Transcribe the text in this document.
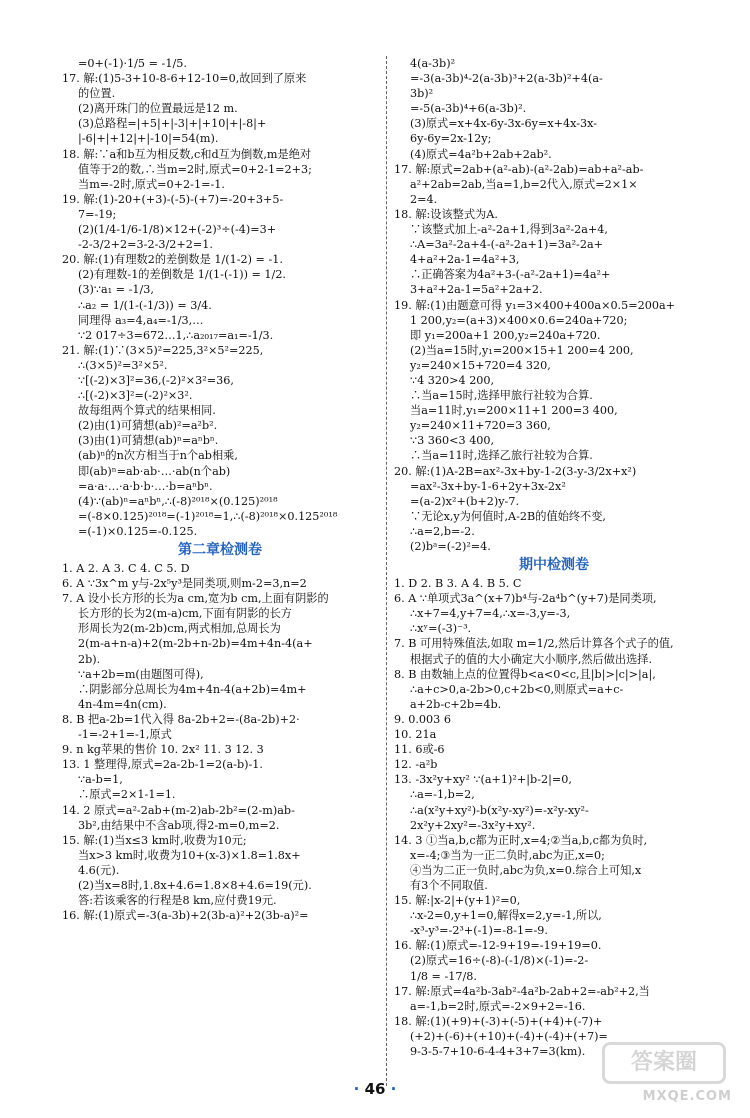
=0+(-1)·1/5 = -1/5.
17. 解:(1)5-3+10-8-6+12-10=0,故回到了原来
的位置.
(2)离开珠门的位置最远是12 m.
(3)总路程=|+5|+|-3|+|+10|+|-8|+
|-6|+|+12|+|-10|=54(m).
18. 解:∵a和b互为相反数,c和d互为倒数,m是绝对
值等于2的数,∴当m=2时,原式=0+2-1=2+3;
当m=-2时,原式=0+2-1=-1.
19. 解:(1)-20+(+3)-(-5)-(+7)=-20+3+5-
7=-19;
(2)(1/4-1/6-1/8)×12+(-2)³÷(-4)=3+
-2-3/2+2=3-2-3/2+2=1.
20. 解:(1)有理数2的差倒数是 1/(1-2) = -1.
(2)有理数-1的差倒数是 1/(1-(-1)) = 1/2.
(3)∵a₁ = -1/3,
∴a₂ = 1/(1-(-1/3)) = 3/4.
同理得 a₃=4,a₄=-1/3,…
∵2 017÷3=672…1,∴a₂₀₁₇=a₁=-1/3.
21. 解:(1)∵(3×5)²=225,3²×5²=225,
∴(3×5)²=3²×5².
∵[(-2)×3]²=36,(-2)²×3²=36,
∴[(-2)×3]²=(-2)²×3².
故每组两个算式的结果相同.
(2)由(1)可猜想(ab)²=a²b².
(3)由(1)可猜想(ab)ⁿ=aⁿbⁿ.
(ab)ⁿ的n次方相当于n个ab相乘,
即(ab)ⁿ=ab·ab·…·ab(n个ab)
=a·a·…·a·b·b·…·b=aⁿbⁿ.
(4)∵(ab)ⁿ=aⁿbⁿ,∴(-8)²⁰¹⁸×(0.125)²⁰¹⁸
=(-8×0.125)²⁰¹⁸=(-1)²⁰¹⁸=1,∴(-8)²⁰¹⁸×0.125²⁰¹⁸
=(-1)×0.125=-0.125.
第二章检测卷
1. A 2. A 3. C 4. C 5. D
6. A ∵3x^m y与-2x⁵y³是同类项,则m-2=3,n=2
7. A 设小长方形的长为a cm,宽为b cm,上面有阴影的
长方形的长为2(m-a)cm,下面有阴影的长方
形周长为2(m-2b)cm,两式相加,总周长为
2(m-a+n-a)+2(m-2b+n-2b)=4m+4n-4(a+
2b).
∵a+2b=m(由题图可得),
∴阴影部分总周长为4m+4n-4(a+2b)=4m+
4n-4m=4n(cm).
8. B 把a-2b=1代入得 8a-2b+2=-(8a-2b)+2·
-1=-2+1=-1,原式
9. n kg苹果的售价 10. 2x² 11. 3 12. 3
13. 1 整理得,原式=2a-2b-1=2(a-b)-1.
∵a-b=1,
∴原式=2×1-1=1.
14. 2 原式=a²-2ab+(m-2)ab-2b²=(2-m)ab-
3b²,由结果中不含ab项,得2-m=0,m=2.
15. 解:(1)当x≤3 km时,收费为10元;
当x>3 km时,收费为10+(x-3)×1.8=1.8x+
4.6(元).
(2)当x=8时,1.8x+4.6=1.8×8+4.6=19(元).
答:若该乘客的行程是8 km,应付费19元.
16. 解:(1)原式=-3(a-3b)+2(3b-a)²+2(3b-a)²=
4(a-3b)²
=-3(a-3b)⁴-2(a-3b)³+2(a-3b)²+4(a-
3b)²
=-5(a-3b)⁴+6(a-3b)².
(3)原式=x+4x-6y-3x-6y=x+4x-3x-
6y-6y=2x-12y;
(4)原式=4a²b+2ab+2ab².
17. 解:原式=2ab+(a²-ab)-(a²-2ab)=ab+a²-ab-
a²+2ab=2ab,当a=1,b=2代入,原式=2×1×
2=4.
18. 解:设该整式为A.
∵该整式加上-a²-2a+1,得到3a²-2a+4,
∴A=3a²-2a+4-(-a²-2a+1)=3a²-2a+
4+a²+2a-1=4a²+3,
∴正确答案为4a²+3-(-a²-2a+1)=4a²+
3+a²+2a-1=5a²+2a+2.
19. 解:(1)由题意可得 y₁=3×400+400a×0.5=200a+
1 200,y₂=(a+3)×400×0.6=240a+720;
即 y₁=200a+1 200,y₂=240a+720.
(2)当a=15时,y₁=200×15+1 200=4 200,
y₂=240×15+720=4 320,
∵4 320>4 200,
∴当a=15时,选择甲旅行社较为合算.
当a=11时,y₁=200×11+1 200=3 400,
y₂=240×11+720=3 360,
∵3 360<3 400,
∴当a=11时,选择乙旅行社较为合算.
20. 解:(1)A-2B=ax²-3x+by-1-2(3-y-3/2x+x²)
=ax²-3x+by-1-6+2y+3x-2x²
=(a-2)x²+(b+2)y-7.
∵无论x,y为何值时,A-2B的值始终不变,
∴a=2,b=-2.
(2)bᵃ=(-2)²=4.
期中检测卷
1. D 2. B 3. A 4. B 5. C
6. A ∵单项式3a^(x+7)b⁴与-2a⁴b^(y+7)是同类项,
∴x+7=4,y+7=4,∴x=-3,y=-3,
∴xʸ=(-3)⁻³.
7. B 可用特殊值法,如取 m=1/2,然后计算各个式子的值,
根据式子的值的大小确定大小顺序,然后做出选择.
8. B 由数轴上点的位置得b<a<0<c,且|b|>|c|>|a|,
∴a+c>0,a-2b>0,c+2b<0,则原式=a+c-
a+2b-c+2b=4b.
9. 0.003 6
10. 21a
11. 6或-6
12. -a²b
13. -3x²y+xy² ∵(a+1)²+|b-2|=0,
∴a=-1,b=2,
∴a(x²y+xy²)-b(x²y-xy²)=-x²y-xy²-
2x²y+2xy²=-3x²y+xy².
14. 3 ①当a,b,c都为正时,x=4;②当a,b,c都为负时,
x=-4;③当为一正二负时,abc为正,x=0;
④当为二正一负时,abc为负,x=0.综合上可知,x
有3个不同取值.
15. 解:|x-2|+(y+1)²=0,
∴x-2=0,y+1=0,解得x=2,y=-1,所以,
-x³-y³=-2³+(-1)=-8-1=-9.
16. 解:(1)原式=-12-9+19=-19+19=0.
(2)原式=16÷(-8)-(-1/8)×(-1)=-2-
1/8 = -17/8.
17. 解:原式=4a²b-3ab²-4a²b-2ab+2=-ab²+2,当
a=-1,b=2时,原式=-2×9+2=-16.
18. 解:(1)(+9)+(-3)+(-5)+(+4)+(-7)+
(+2)+(-6)+(+10)+(-4)+(-4)+(+7)=
9-3-5-7+10-6-4-4+3+7=3(km).
· 46 ·
答案圈
MXQE.COM
